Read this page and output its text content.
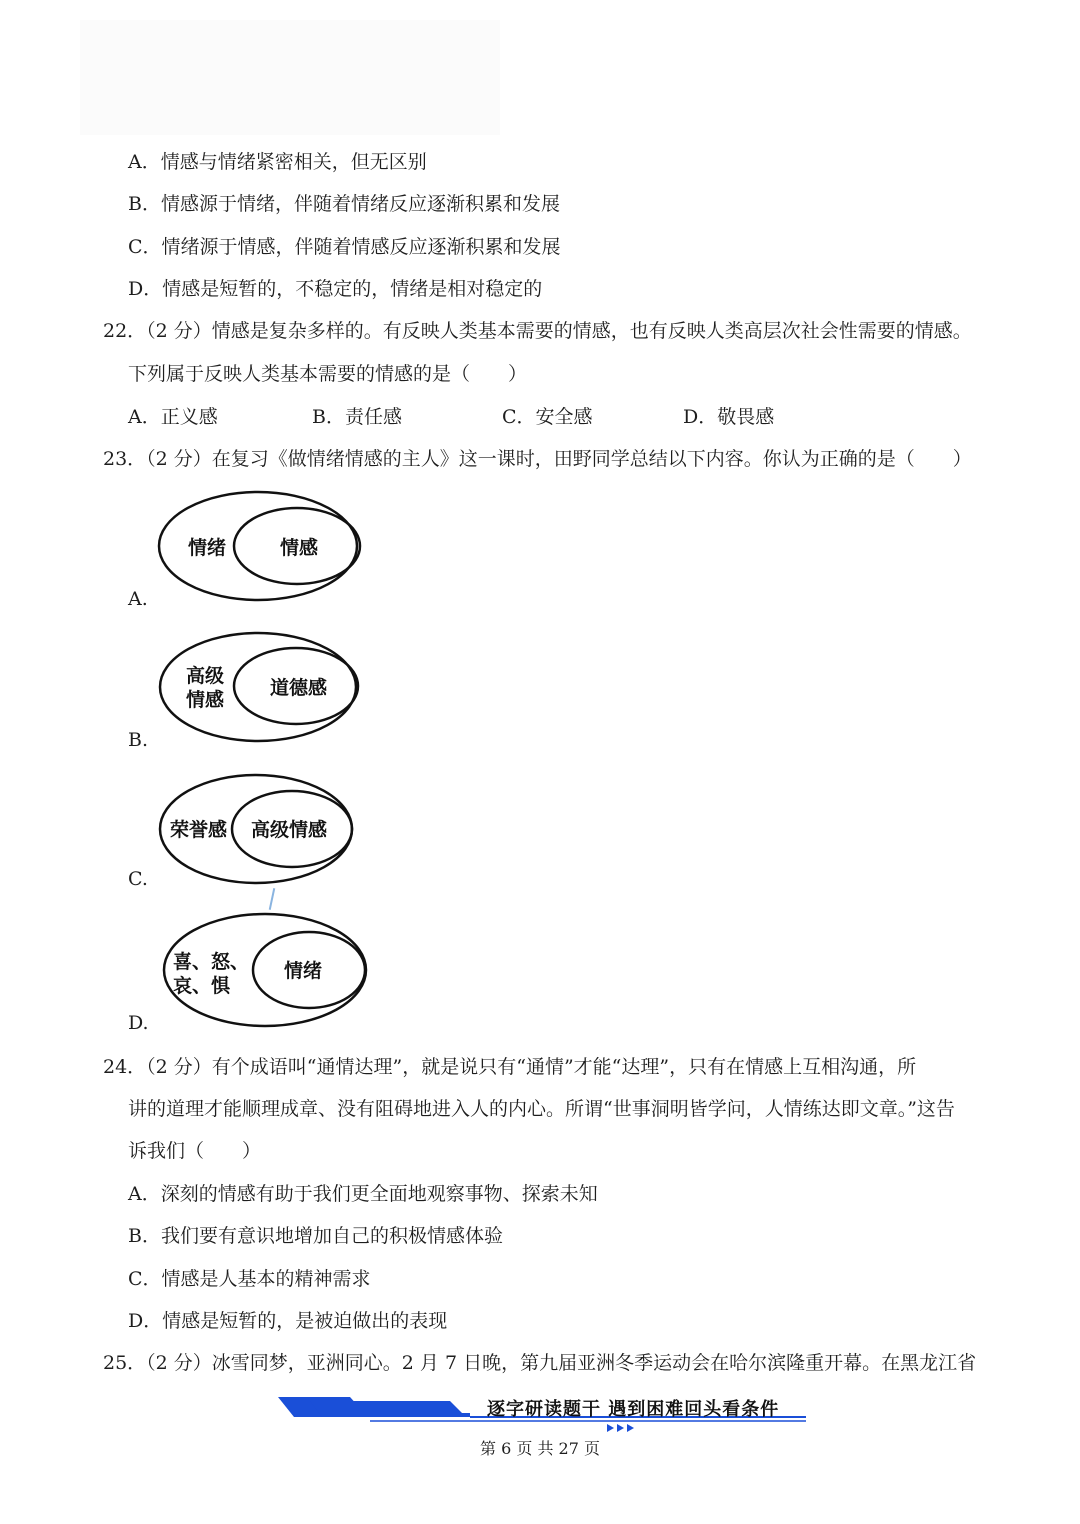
A．情感与情绪紧密相关，但无区别
B．情感源于情绪，伴随着情绪反应逐渐积累和发展
C．情绪源于情感，伴随着情感反应逐渐积累和发展
D．情感是短暂的，不稳定的，情绪是相对稳定的
22．（2 分）情感是复杂多样的。有反映人类基本需要的情感，也有反映人类高层次社会性需要的情感。
下列属于反映人类基本需要的情感的是（　　）
A．正义感	B．责任感	C．安全感	D．敬畏感
23．（2 分）在复习《做情绪情感的主人》这一课时，田野同学总结以下内容。你认为正确的是（　　）
情绪	情感
A.
高级
情感
道德感
B.
荣誉感 高级情感
C.
喜、怒、
哀、惧
情绪
D.
24．（2 分）有个成语叫“通情达理”，就是说只有“通情”才能“达理”，只有在情感上互相沟通，所
讲的道理才能顺理成章、没有阻碍地进入人的内心。所谓“世事洞明皆学问，人情练达即文章。”这告
诉我们（　　）
A．深刻的情感有助于我们更全面地观察事物、探索未知
B．我们要有意识地增加自己的积极情感体验
C．情感是人基本的精神需求
D．情感是短暂的，是被迫做出的表现
25．（2 分）冰雪同梦，亚洲同心。2 月 7 日晚，第九届亚洲冬季运动会在哈尔滨隆重开幕。在黑龙江省
逐字研读题干 遇到困难回头看条件
第 6 页 共 27 页
